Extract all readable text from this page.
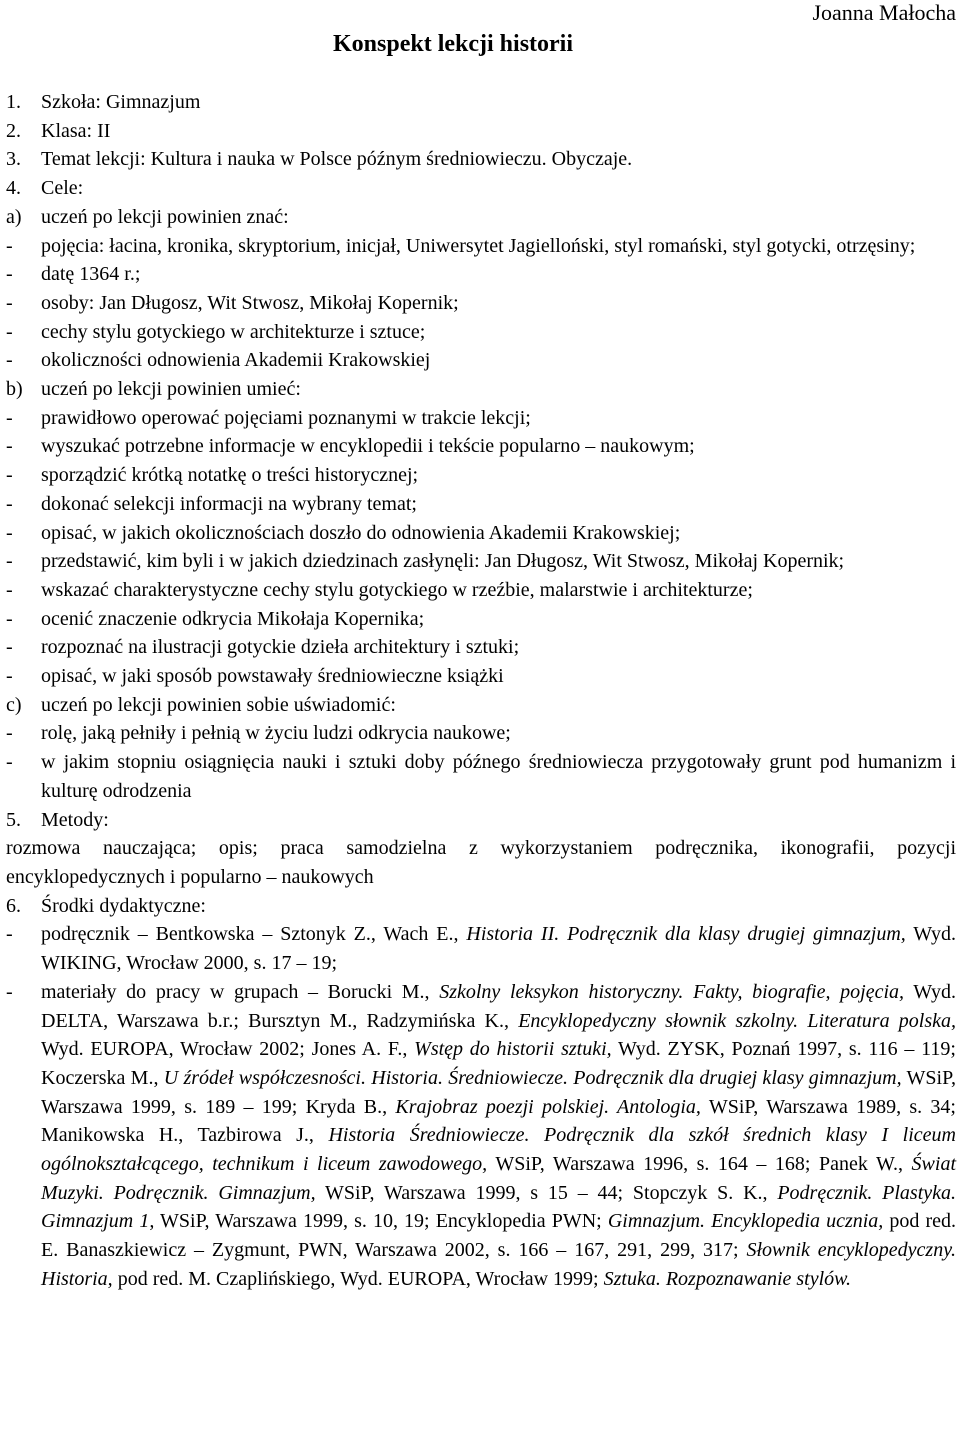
Joanna Małocha
Konspekt lekcji historii
1.	Szkoła: Gimnazjum
2.	Klasa: II
3.	Temat lekcji: Kultura i nauka w Polsce późnym średniowieczu. Obyczaje.
4.	Cele:
a) uczeń po lekcji powinien znać:
-	pojęcia: łacina, kronika, skryptorium, inicjał, Uniwersytet Jagielloński, styl romański, styl gotycki, otrzęsiny;
-	datę 1364 r.;
-	osoby: Jan Długosz, Wit Stwosz, Mikołaj Kopernik;
-	cechy stylu gotyckiego w architekturze i sztuce;
-	okoliczności odnowienia Akademii Krakowskiej
b) uczeń po lekcji powinien umieć:
-	prawidłowo operować pojęciami poznanymi w trakcie lekcji;
-	wyszukać potrzebne informacje w encyklopedii i tekście popularno – naukowym;
-	sporządzić krótką notatkę o treści historycznej;
-	dokonać selekcji informacji na wybrany temat;
-	opisać, w jakich okolicznościach doszło do odnowienia Akademii Krakowskiej;
-	przedstawić, kim byli i w jakich dziedzinach zasłynęli: Jan Długosz, Wit Stwosz, Mikołaj Kopernik;
-	wskazać charakterystyczne cechy stylu gotyckiego w rzeźbie, malarstwie i architekturze;
-	ocenić znaczenie odkrycia Mikołaja Kopernika;
-	rozpoznać na ilustracji gotyckie dzieła architektury i sztuki;
-	opisać, w jaki sposób powstawały średniowieczne książki
c) uczeń po lekcji powinien sobie uświadomić:
-	rolę, jaką pełniły i pełnią w życiu ludzi odkrycia naukowe;
-	w jakim stopniu osiągnięcia nauki i sztuki doby późnego średniowiecza przygotowały grunt pod humanizm i kulturę odrodzenia
5.	Metody:
rozmowa nauczająca; opis; praca samodzielna z wykorzystaniem podręcznika, ikonografii, pozycji encyklopedycznych i popularno – naukowych
6.	Środki dydaktyczne:
-	podręcznik – Bentkowska – Sztonyk Z., Wach E., Historia II. Podręcznik dla klasy drugiej gimnazjum, Wyd. WIKING, Wrocław 2000, s. 17 – 19;
-	materiały do pracy w grupach – Borucki M., Szkolny leksykon historyczny. Fakty, biografie, pojęcia, Wyd. DELTA, Warszawa b.r.; Bursztyn M., Radzymińska K., Encyklopedyczny słownik szkolny. Literatura polska, Wyd. EUROPA, Wrocław 2002; Jones A. F., Wstęp do historii sztuki, Wyd. ZYSK, Poznań 1997, s. 116 – 119; Koczerska M., U źródeł współczesności. Historia. Średniowiecze. Podręcznik dla drugiej klasy gimnazjum, WSiP, Warszawa 1999, s. 189 – 199; Kryda B., Krajobraz poezji polskiej. Antologia, WSiP, Warszawa 1989, s. 34; Manikowska H., Tazbirowa J., Historia Średniowiecze. Podręcznik dla szkół średnich klasy I liceum ogólnokształcącego, technikum i liceum zawodowego, WSiP, Warszawa 1996, s. 164 – 168; Panek W., Świat Muzyki. Podręcznik. Gimnazjum, WSiP, Warszawa 1999, s 15 – 44; Stopczyk S. K., Podręcznik. Plastyka. Gimnazjum 1, WSiP, Warszawa 1999, s. 10, 19; Encyklopedia PWN; Gimnazjum. Encyklopedia ucznia, pod red. E. Banaszkiewicz – Zygmunt, PWN, Warszawa 2002, s. 166 – 167, 291, 299, 317; Słownik encyklopedyczny. Historia, pod red. M. Czaplińskiego, Wyd. EUROPA, Wrocław 1999; Sztuka. Rozpoznawanie stylów.
